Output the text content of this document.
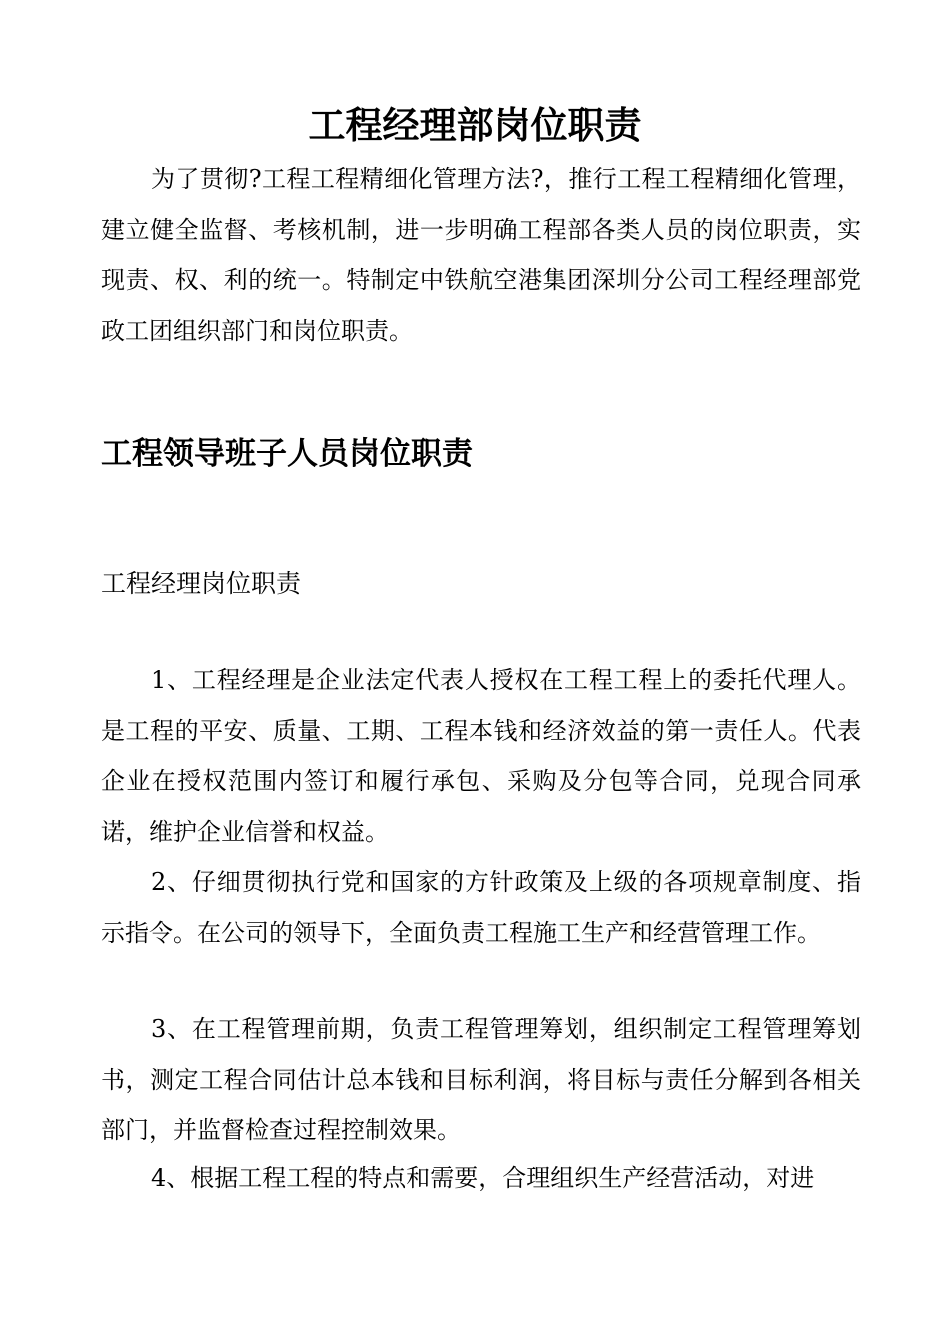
工程经理部岗位职责

为了贯彻?工程工程精细化管理方法?，推行工程工程精细化管理，建立健全监督、考核机制，进一步明确工程部各类人员的岗位职责，实现责、权、利的统一。特制定中铁航空港集团深圳分公司工程经理部党政工团组织部门和岗位职责。

工程领导班子人员岗位职责
工程经理岗位职责

1、工程经理是企业法定代表人授权在工程工程上的委托代理人。是工程的平安、质量、工期、工程本钱和经济效益的第一责任人。代表企业在授权范围内签订和履行承包、采购及分包等合同，兑现合同承诺，维护企业信誉和权益。

2、仔细贯彻执行党和国家的方针政策及上级的各项规章制度、指示指令。在公司的领导下，全面负责工程施工生产和经营管理工作。

3、在工程管理前期，负责工程管理筹划，组织制定工程管理筹划书，测定工程合同估计总本钱和目标利润，将目标与责任分解到各相关部门，并监督检查过程控制效果。

4、根据工程工程的特点和需要，合理组织生产经营活动，对进
